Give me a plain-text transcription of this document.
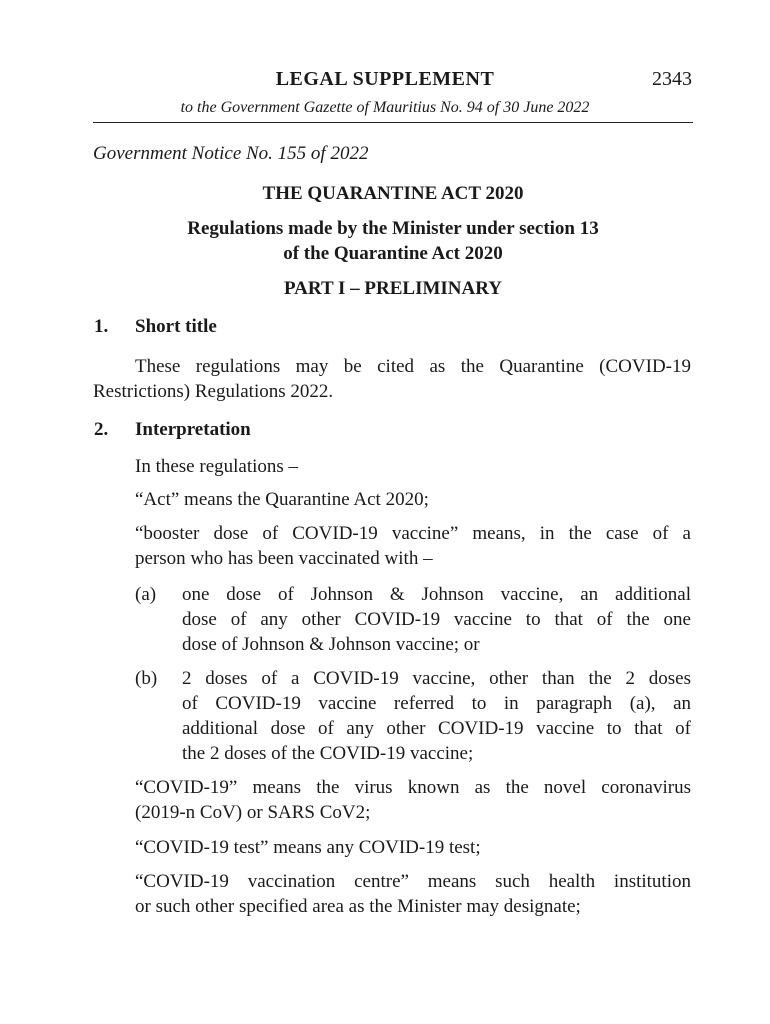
LEGAL SUPPLEMENT	2343
to the Government Gazette of Mauritius No. 94 of 30 June 2022
Government Notice No. 155 of 2022
THE QUARANTINE ACT 2020
Regulations made by the Minister under section 13
of the Quarantine Act 2020
PART I – PRELIMINARY
1. Short title
These regulations may be cited as the Quarantine (COVID-19
Restrictions) Regulations 2022.
2. Interpretation
In these regulations –
“Act” means the Quarantine Act 2020;
“booster dose of COVID-19 vaccine” means, in the case of a
person who has been vaccinated with –
(a) one dose of Johnson & Johnson vaccine, an additional
dose of any other COVID-19 vaccine to that of the one
dose of Johnson & Johnson vaccine; or
(b) 2 doses of a COVID-19 vaccine, other than the 2 doses
of COVID-19 vaccine referred to in paragraph (a), an
additional dose of any other COVID-19 vaccine to that of
the 2 doses of the COVID-19 vaccine;
“COVID-19” means the virus known as the novel coronavirus
(2019-n CoV) or SARS CoV2;
“COVID-19 test” means any COVID-19 test;
“COVID-19 vaccination centre” means such health institution
or such other specified area as the Minister may designate;
